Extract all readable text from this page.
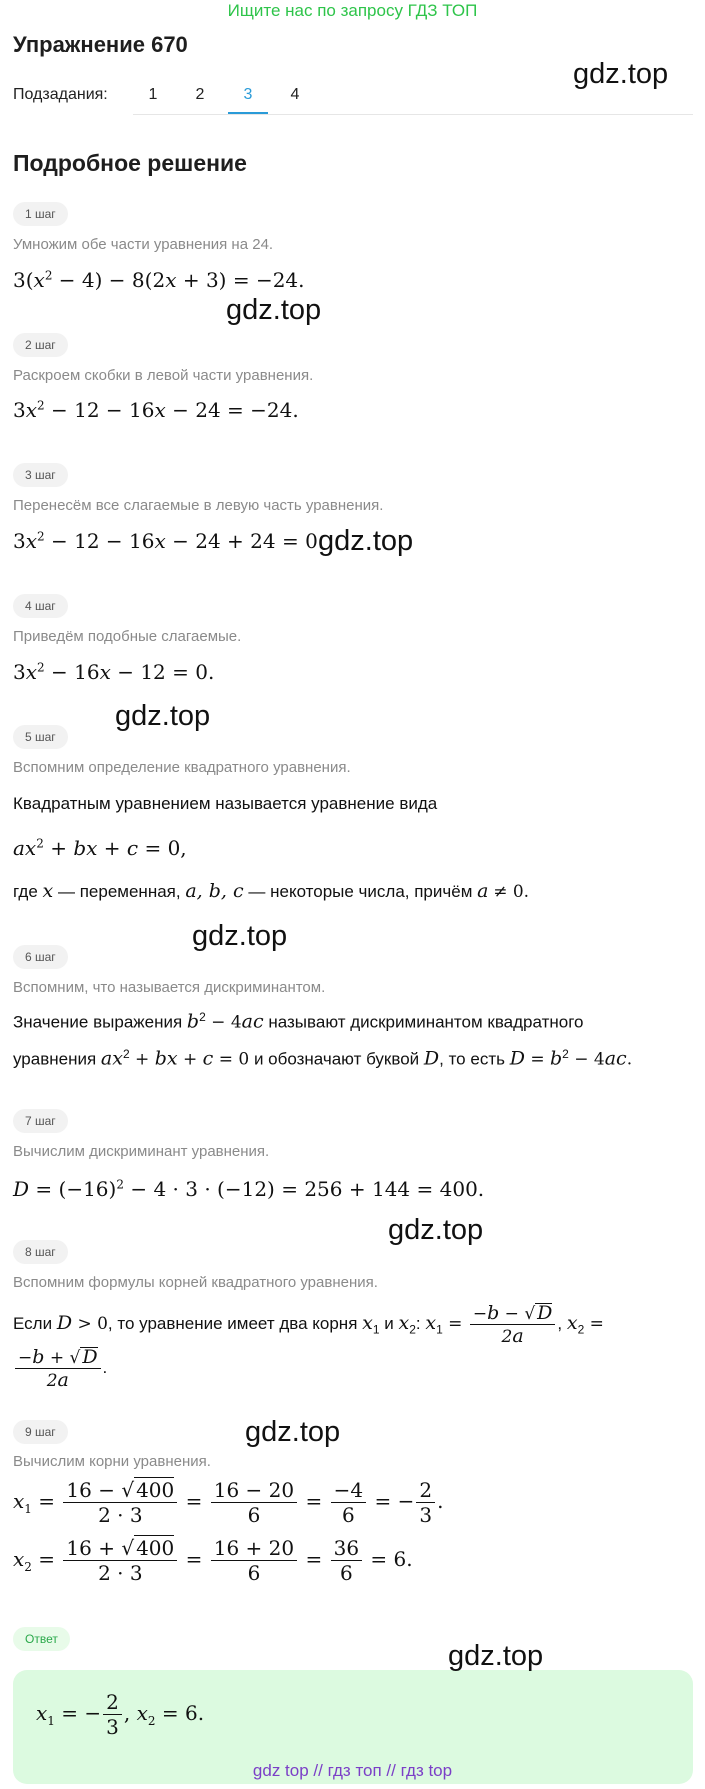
Ищите нас по запросу ГДЗ ТОП
Упражнение 670
gdz.top
Подзадания:	1	2	3	4
Подробное решение
1 шаг
Умножим обе части уравнения на 24.
$3(x^2 - 4) - 8(2x + 3) = -24$.
gdz.top
2 шаг
Раскроем скобки в левой части уравнения.
$3x^2 - 12 - 16x - 24 = -24$.
3 шаг
Перенесём все слагаемые в левую часть уравнения.
$3x^2 - 12 - 16x - 24 + 24 = 0$.
gdz.top
4 шаг
Приведём подобные слагаемые.
$3x^2 - 16x - 12 = 0$.
gdz.top
5 шаг
Вспомним определение квадратного уравнения.
Квадратным уравнением называется уравнение вида
$ax^2$ + bx + c = 0,
где x — переменная, a, b, c — некоторые числа, причём a ≠ 0.
gdz.top
6 шаг
Вспомним, что называется дискриминантом.
Значение выражения $b^2 - 4ac$ называют дискриминантом квадратного
уравнения $ax^2$ + bx + c = 0 и обозначают буквой D, то есть $D = b^2 - 4ac$.
7 шаг
Вычислим дискриминант уравнения.
$D = (-16)^2 - 4 \cdot 3 \cdot (-12) = 256 + 144 = 400$.
gdz.top
8 шаг
Вспомним формулы корней квадратного уравнения.
Если D > 0, то уравнение имеет два корня $x_1$ и $x_2$: $x_1 = \frac{-b - √ D}{2a}$ , $x_2$ =
$\frac{-b + √ D}{2a}$ .
9 шаг	gdz.top
Вычислим корни уравнения.
$x_1 = \frac{16 - √ 400}{2 \cdot 3} = \frac{16 - 20}{6} = \frac{-4}{6}$ = − $\frac{2}{3}$ .
$x_2 = \frac{16 + √ 400}{2 \cdot 3} = \frac{16 + 20}{6} = \frac{36}{6} = 6$.
Ответ
gdz.top
$x_1$ = − $\frac{2}{3}$ , $x_2 = 6$.
gdz top // гдз топ // гдз top
